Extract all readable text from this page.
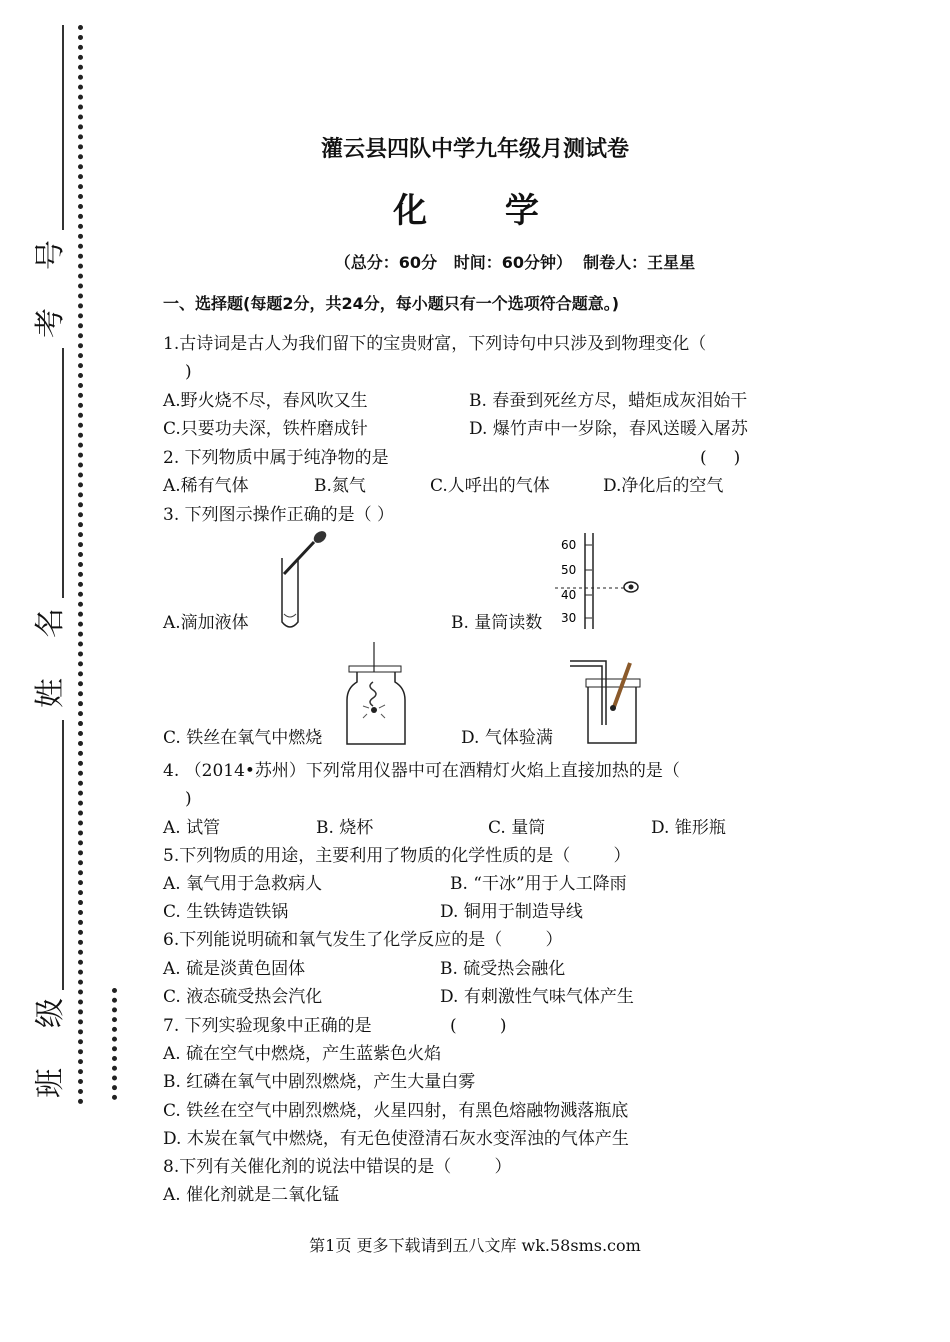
考
号
姓
名
班
级
灌云县四队中学九年级月测试卷
化  学
（总分：60分   时间：60分钟）  制卷人：王星星
一、选择题(每题2分，共24分，每小题只有一个选项符合题意。)
1.古诗词是古人为我们留下的宝贵财富，下列诗句中只涉及到物理变化（
)
A.野火烧不尽，春风吹又生	B. 春蚕到死丝方尽，蜡炬成灰泪始干
C.只要功夫深，铁杵磨成针	D. 爆竹声中一岁除，春风送暖入屠苏
2. 下列物质中属于纯净物的是	(     )
A.稀有气体	B.氮气	C.人呼出的气体	D.净化后的空气
3. 下列图示操作正确的是（ ）
A.滴加液体
60
50
40
30
B. 量筒读数
C. 铁丝在氧气中燃烧	D. 气体验满
4. （2014•苏州）下列常用仪器中可在酒精灯火焰上直接加热的是（
)
A. 试管	B. 烧杯	C. 量筒	D. 锥形瓶
5.下列物质的用途，主要利用了物质的化学性质的是（        ）
A. 氧气用于急救病人	B. “干冰”用于人工降雨
C. 生铁铸造铁锅	D. 铜用于制造导线
6.下列能说明硫和氧气发生了化学反应的是（        ）
A. 硫是淡黄色固体	B. 硫受热会融化
C. 液态硫受热会汽化	D. 有刺激性气味气体产生
7. 下列实验现象中正确的是	(        )
A. 硫在空气中燃烧，产生蓝紫色火焰
B. 红磷在氧气中剧烈燃烧，产生大量白雾
C. 铁丝在空气中剧烈燃烧，火星四射，有黑色熔融物溅落瓶底
D. 木炭在氧气中燃烧，有无色使澄清石灰水变浑浊的气体产生
8.下列有关催化剂的说法中错误的是（        ）
A. 催化剂就是二氧化锰
第1页 更多下载请到五八文库 wk.58sms.com
